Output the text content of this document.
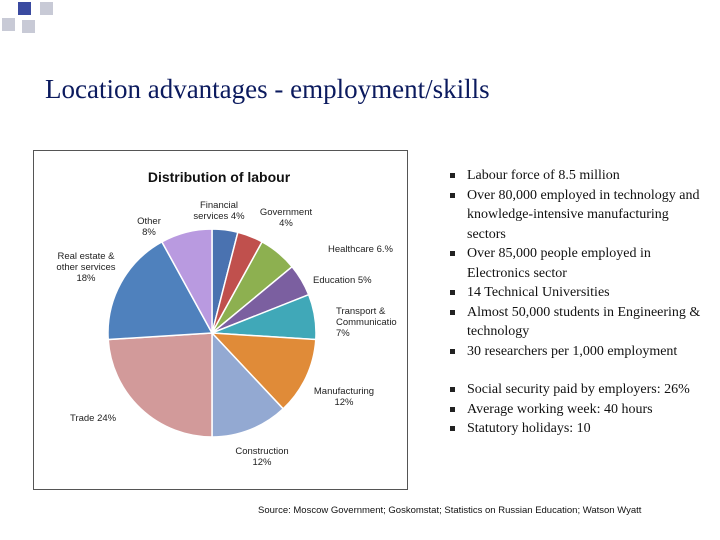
Location advantages - employment/skills
Distribution of labour
Financial services 4% Government 4%
Healthcare 6.%
Education 5%
Transport & Communicatio 7%
Manufacturing 12%
Construction 12%
Trade 24%
Real estate & other services 18%
Other 8%
Labour force of 8.5 million
Over 80,000 employed in technology and knowledge-intensive manufacturing sectors
Over 85,000 people employed in Electronics sector
14 Technical Universities
Almost 50,000 students in Engineering & technology
30 researchers per 1,000 employment
Social security paid by employers: 26%
Average working week: 40 hours
Statutory holidays: 10
Source: Moscow Government; Goskomstat; Statistics on Russian Education; Watson Wyatt
